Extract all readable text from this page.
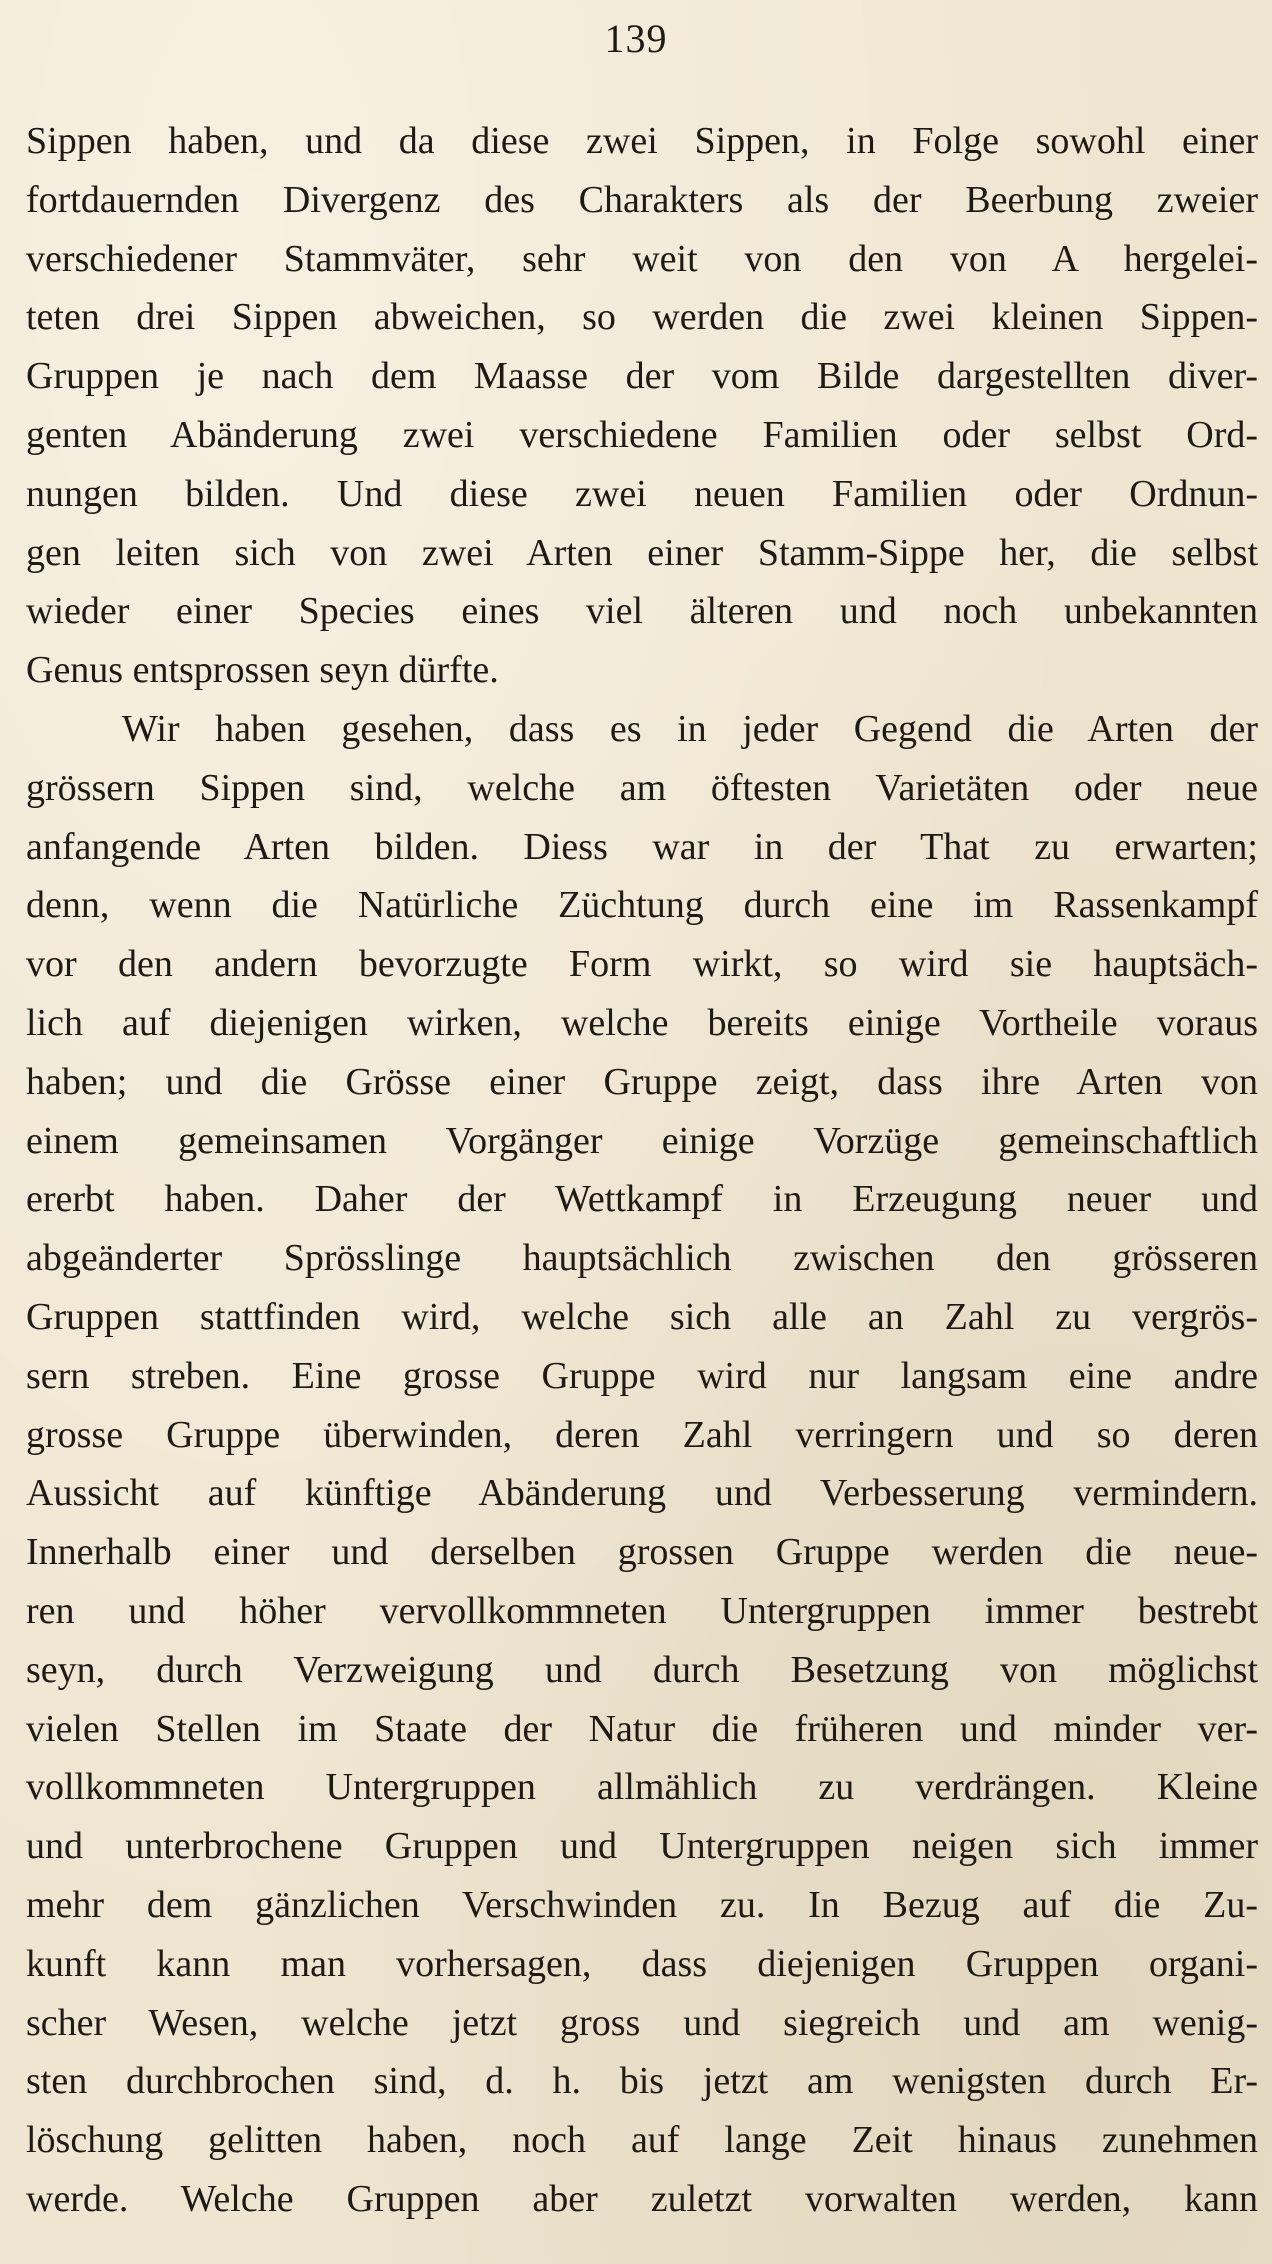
139
Sippen haben, und da diese zwei Sippen, in Folge sowohl einer
fortdauernden Divergenz des Charakters als der Beerbung zweier
verschiedener Stammväter, sehr weit von den von A hergelei-
teten drei Sippen abweichen, so werden die zwei kleinen Sippen-
Gruppen je nach dem Maasse der vom Bilde dargestellten diver-
genten Abänderung zwei verschiedene Familien oder selbst Ord-
nungen bilden. Und diese zwei neuen Familien oder Ordnun-
gen leiten sich von zwei Arten einer Stamm-Sippe her, die selbst
wieder einer Species eines viel älteren und noch unbekannten
Genus entsprossen seyn dürfte.
Wir haben gesehen, dass es in jeder Gegend die Arten der
grössern Sippen sind, welche am öftesten Varietäten oder neue
anfangende Arten bilden. Diess war in der That zu erwarten;
denn, wenn die Natürliche Züchtung durch eine im Rassenkampf
vor den andern bevorzugte Form wirkt, so wird sie hauptsäch-
lich auf diejenigen wirken, welche bereits einige Vortheile voraus
haben; und die Grösse einer Gruppe zeigt, dass ihre Arten von
einem gemeinsamen Vorgänger einige Vorzüge gemeinschaftlich
ererbt haben. Daher der Wettkampf in Erzeugung neuer und
abgeänderter Sprösslinge hauptsächlich zwischen den grösseren
Gruppen stattfinden wird, welche sich alle an Zahl zu vergrös-
sern streben. Eine grosse Gruppe wird nur langsam eine andre
grosse Gruppe überwinden, deren Zahl verringern und so deren
Aussicht auf künftige Abänderung und Verbesserung vermindern.
Innerhalb einer und derselben grossen Gruppe werden die neue-
ren und höher vervollkommneten Untergruppen immer bestrebt
seyn, durch Verzweigung und durch Besetzung von möglichst
vielen Stellen im Staate der Natur die früheren und minder ver-
vollkommneten Untergruppen allmählich zu verdrängen. Kleine
und unterbrochene Gruppen und Untergruppen neigen sich immer
mehr dem gänzlichen Verschwinden zu. In Bezug auf die Zu-
kunft kann man vorhersagen, dass diejenigen Gruppen organi-
scher Wesen, welche jetzt gross und siegreich und am wenig-
sten durchbrochen sind, d. h. bis jetzt am wenigsten durch Er-
löschung gelitten haben, noch auf lange Zeit hinaus zunehmen
werde. Welche Gruppen aber zuletzt vorwalten werden, kann
